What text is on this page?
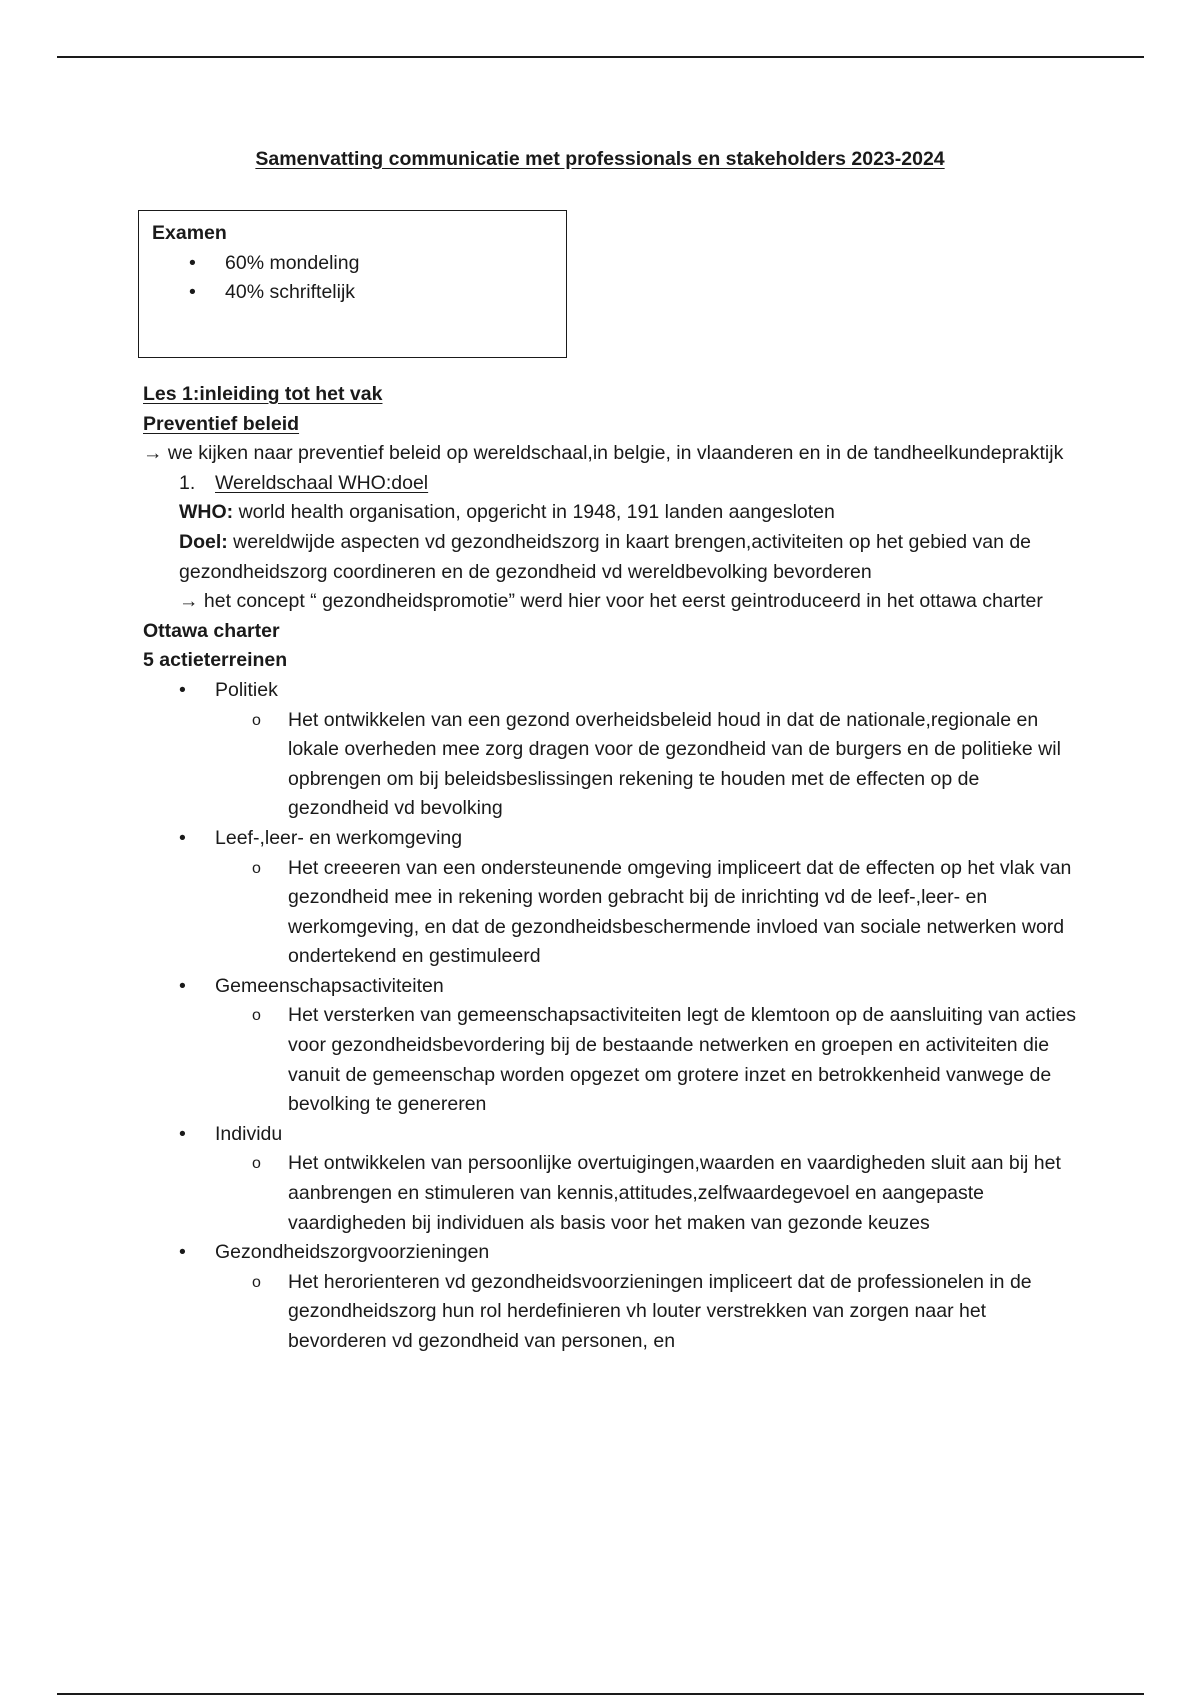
Samenvatting communicatie met professionals en stakeholders 2023-2024
Examen
• 60% mondeling
• 40% schriftelijk

Les 1:inleiding tot het vak

Preventief beleid

→ we kijken naar preventief beleid op wereldschaal,in belgie, in vlaanderen en in de tandheelkundepraktijk

1. Wereldschaal WHO:doel

WHO: world health organisation, opgericht in 1948, 191 landen aangesloten

Doel: wereldwijde aspecten vd gezondheidszorg in kaart brengen,activiteiten op het gebied van de gezondheidszorg coordineren en de gezondheid vd wereldbevolking bevorderen

→ het concept “ gezondheidspromotie” werd hier voor het eerst geintroduceerd in het ottawa charter

Ottawa charter

5 actieterreinen

• Politiek

o Het ontwikkelen van een gezond overheidsbeleid houd in dat de nationale,regionale en lokale overheden mee zorg dragen voor de gezondheid van de burgers en de politieke wil opbrengen om bij beleidsbeslissingen rekening te houden met de effecten op de gezondheid vd bevolking

• Leef-,leer- en werkomgeving

o Het creeeren van een ondersteunende omgeving impliceert dat de effecten op het vlak van gezondheid mee in rekening worden gebracht bij de inrichting vd de leef-,leer- en werkomgeving, en dat de gezondheidsbeschermende invloed van sociale netwerken word ondertekend en gestimuleerd

• Gemeenschapsactiviteiten

o Het versterken van gemeenschapsactiviteiten legt de klemtoon op de aansluiting van acties voor gezondheidsbevordering bij de bestaande netwerken en groepen en activiteiten die vanuit de gemeenschap worden opgezet om grotere inzet en betrokkenheid vanwege de bevolking te genereren

• Individu

o Het ontwikkelen van persoonlijke overtuigingen,waarden en vaardigheden sluit aan bij het aanbrengen en stimuleren van kennis,attitudes,zelfwaardegevoel en aangepaste vaardigheden bij individuen als basis voor het maken van gezonde keuzes

• Gezondheidszorgvoorzieningen

o Het herorienteren vd gezondheidsvoorzieningen impliceert dat de professionelen in de gezondheidszorg hun rol herdefinieren vh louter verstrekken van zorgen naar het bevorderen vd gezondheid van personen, en
